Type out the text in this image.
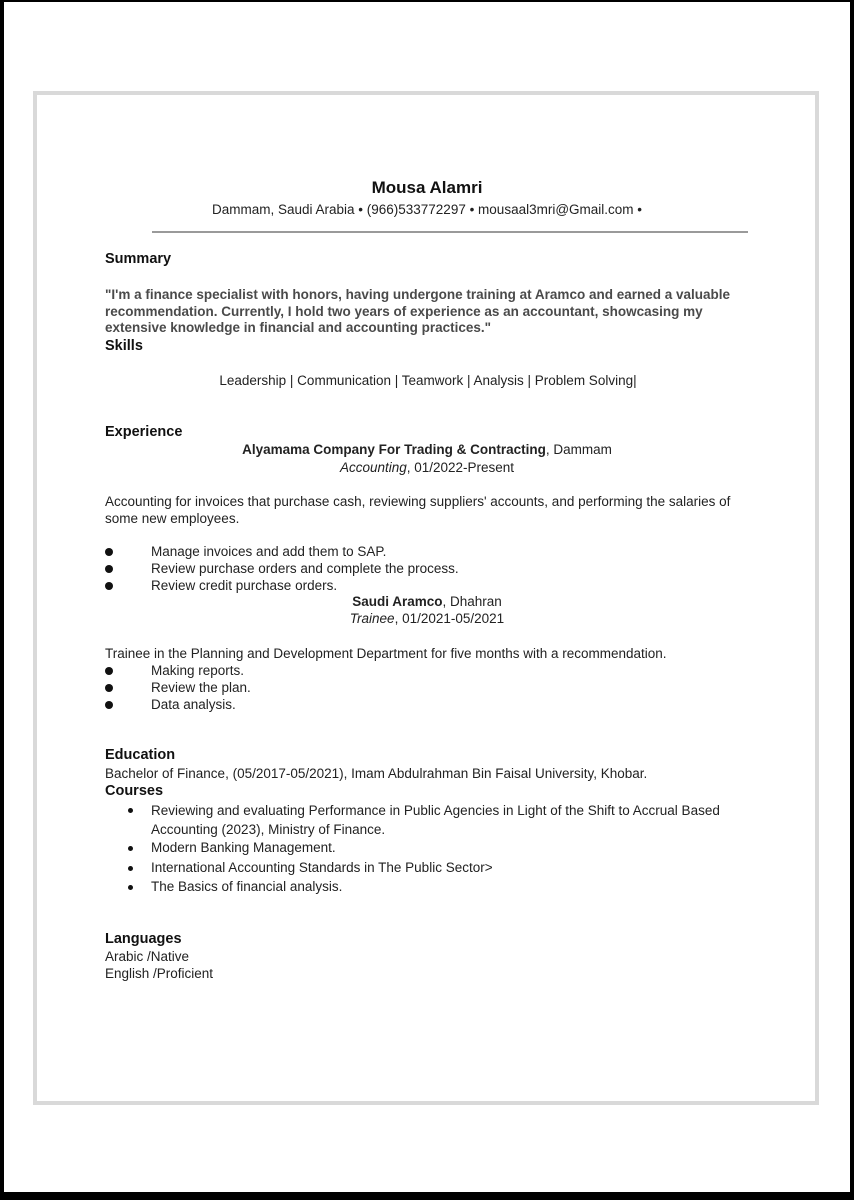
Mousa Alamri
Dammam, Saudi Arabia • (966)533772297 • mousaal3mri@Gmail.com •
Summary
"I'm a finance specialist with honors, having undergone training at Aramco and earned a valuable recommendation. Currently, I hold two years of experience as an accountant, showcasing my extensive knowledge in financial and accounting practices."
Skills
Leadership | Communication | Teamwork | Analysis | Problem Solving|
Experience
Alyamama Company For Trading & Contracting, Dammam
Accounting, 01/2022-Present
Accounting for invoices that purchase cash, reviewing suppliers' accounts, and performing the salaries of some new employees.
Manage invoices and add them to SAP.
Review purchase orders and complete the process.
Review credit purchase orders.
Saudi Aramco, Dhahran
Trainee, 01/2021-05/2021
Trainee in the Planning and Development Department for five months with a recommendation.
Making reports.
Review the plan.
Data analysis.
Education
Bachelor of Finance, (05/2017-05/2021), Imam Abdulrahman Bin Faisal University, Khobar.
Courses
Reviewing and evaluating Performance in Public Agencies in Light of the Shift to Accrual Based Accounting (2023), Ministry of Finance.
Modern Banking Management.
International Accounting Standards in The Public Sector>
The Basics of financial analysis.
Languages
Arabic /Native
English /Proficient
